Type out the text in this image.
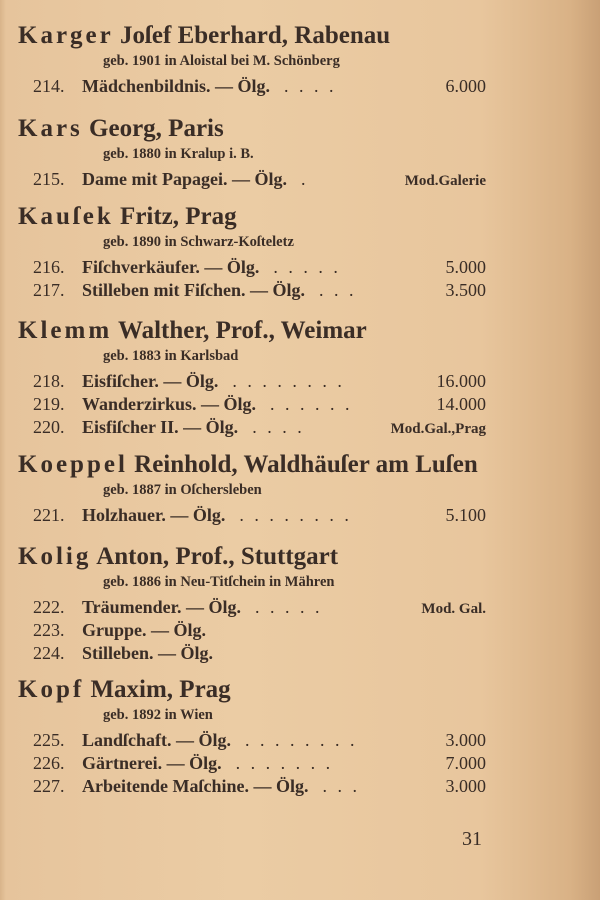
Karger Joſef Eberhard, Rabenau
geb. 1901 in Aloistal bei M. Schönberg
214. Mädchenbildnis. — Ölg. . . . .	6.000
Kars Georg, Paris
geb. 1880 in Kralup i. B.
215. Dame mit Papagei. — Ölg. .	Mod.Galerie
Kauſek Fritz, Prag
geb. 1890 in Schwarz-Koſteletz
216. Fiſchverkäufer. — Ölg. . . . . .	5.000
217. Stilleben mit Fiſchen. — Ölg. . . .	3.500
Klemm Walther, Prof., Weimar
geb. 1883 in Karlsbad
218. Eisfiſcher. — Ölg. . . . . . . . .	16.000
219. Wanderzirkus. — Ölg. . . . . . .	14.000
220. Eisfiſcher II. — Ölg. . . . .	Mod.Gal.,Prag
Koeppel Reinhold, Waldhäuſer am Luſen
geb. 1887 in Oſchersleben
221. Holzhauer. — Ölg. . . . . . . . .	5.100
Kolig Anton, Prof., Stuttgart
geb. 1886 in Neu-Titſchein in Mähren
222. Träumender. — Ölg. . . . . .	Mod. Gal.
223. Gruppe. — Ölg.
224. Stilleben. — Ölg.
Kopf Maxim, Prag
geb. 1892 in Wien
225. Landſchaft. — Ölg. . . . . . . . .	3.000
226. Gärtnerei. — Ölg. . . . . . . .	7.000
227. Arbeitende Maſchine. — Ölg. . . .	3.000
31
